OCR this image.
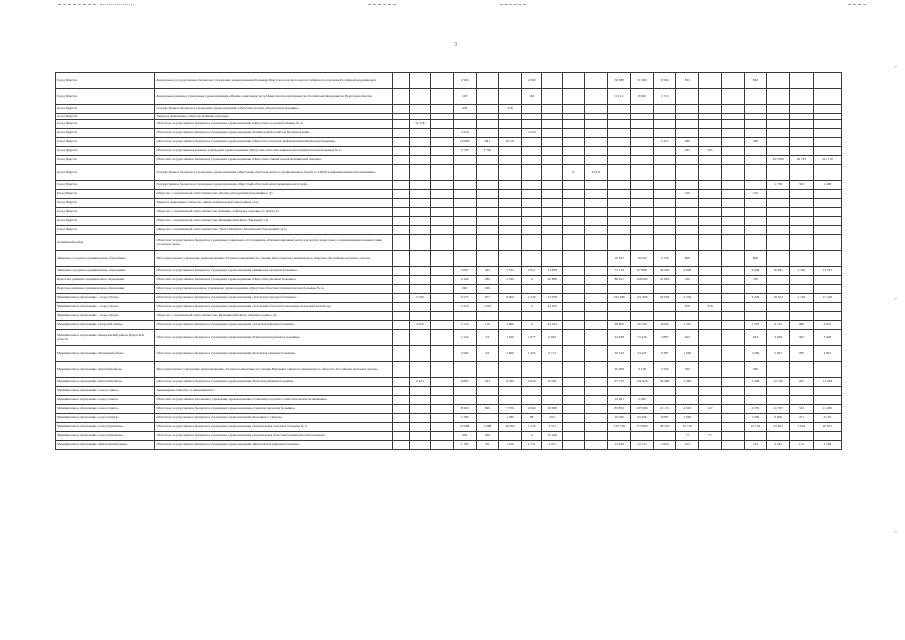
3
-
-
-
Город Иркутск	Федеральное государственное бюджетное учреждение здравоохранения Больница Иркутского научного центра Сибирского отделения Российской академии наук				2 509			2 509				56 388	51 082	9 566	853			863			
Город Иркутск	Федеральное казенное учреждение здравоохранения «Медико-санитарная часть Министерства внутренних дел Российской Федерации по Иркутской области»				193			193				6 121	8 909	1 710							
Город Иркутск	Государственное бюджетное учреждение здравоохранения «Областная детская туберкулезная больница»				478		478														
Город Иркутск	Закрытое акционерное общество Клиника «Альтаир»																				
Город Иркутск	Областное государственное бюджетное учреждение здравоохранения «Иркутская городская больница № 3»		31 518																		
Город Иркутск	Областное государственное бюджетное учреждение здравоохранения «Клинический госпиталь Ветеранов войн»				3 216			3 216													
Город Иркутск	Областное государственное бюджетное учреждение здравоохранения «Иркутская областная инфекционная клиническая больница»				19 082	961	18 121							5 471	280			280			
Город Иркутск	Областное государственное казенное учреждение здравоохранения «Иркутская областная клиническая психиатрическая больница № 1»				3 730	3 730									395	395					
Город Иркутск	Областное государственное бюджетное учреждение здравоохранения «Иркутская станция скорой медицинской помощи»																		227 899	26 723	211 176
Город Иркутск	Государственное бюджетное учреждение здравоохранения «Иркутский областной центр по профилактике и борьбе со СПИД и инфекционными заболеваниями»									0	43 011										
Город Иркутск	Государственное бюджетное учреждение здравоохранения «Иркутский областной центр медицины катастроф»																		1 758	350	1 408
Город Иркутск	Общество с ограниченной ответственностью «Центр репродуктивной медицины» (3)														150			150			
Город Иркутск	Закрытое акционерное общество «Центр компьютерной томографии» (4,5)																				
Город Иркутск	Общество с ограниченной ответственностью Клиника «Сибирское здоровье» (г. Иркутск)																				
Город Иркутск	Общество с ограниченной ответственностью Медицинский Центр "Биоминер" (2)																				
Город Иркутск	Общество с ограниченной ответственностью "Центр Магнитно-Резонансной Томографии" (4,5)																				
Заларинский район	Областное государственное бюджетное учреждение социального обслуживания «Реабилитационный центр для детей и подростков с ограниченными возможностями «Сосновая горка»																				
Зиминское городское муниципальное образование	Негосударственное учреждение здравоохранения «Узловая поликлиника на станции Зима открытого акционерного общества «Российские железные дороги»											16 837	10 032	2 736	600			600			
Зиминское городское муниципальное образование	Областное государственное бюджетное учреждение здравоохранения «Зиминская городская больница»				5 697	365	5 332	2 917	13 839			73 134	87 986	30 263	2 948			2 948	16 481	2 740	13 701
Иркутское районное муниципальное образование	Областное государственное бюджетное учреждение здравоохранения «Иркутская районная больница»				2 440	280	2 180	0	20 869			88 611	108 060	25 802	700			700			
Иркутское районное муниципальное образование	Областное государственное казенное учреждение здравоохранения «Иркутская областная психиатрическая больница № 2»				300	300															
Муниципальное образование - «город Тулун»	Областное государственное бюджетное учреждение здравоохранения «Тулунская городская больница»		5 790		9 577	977	8 600	2 729	12 978			234 288	121 890	54 093	3 229			3 229	19 522	2 104	17 418
Муниципальное образование - «город Тулун»	Областное государственное бюджетное учреждение здравоохранения «Тулунский областной психоневрологический диспансер»				1 916	1 916		0	24 202						479	479					
Муниципальное образование - «город Тулун»	Общество с ограниченной ответственностью Медицинский Центр «Медика-Сервис» (2)																				
Муниципальное образование «Аларский район»	Областное государственное бюджетное учреждение здравоохранения «Аларская районная больница»		3 506		2 710	110	2 600	0	24 102			28 850	56 726	6 634	1 597			1 597	6 315	280	6 035
Муниципальное образование «Баяндаевский район» Иркутской области	Областное государственное бюджетное учреждение здравоохранения «Баяндаевская районная больница»				1 224	24	1 200	1 977	6 062			22 938	73 220	4 887	643			643	3 928	300	3 628
Муниципальное образование «Боханский район»	Областное государственное бюджетное учреждение здравоохранения «Боханская районная больница»				2 664	64	2 600	1 505	9 712			30 516	34 425	9 387	1 000			1 000	5 607	780	4 827
Муниципальное образование «Братский район»	Негосударственное учреждение здравоохранения «Узловая поликлиника на станции Вихоревка открытого акционерного общества «Российские железные дороги»											20 008	9 318	2 340	360			360			
Муниципальное образование «Братский район»	Областное государственное бюджетное учреждение здравоохранения «Братская районная больница»		2 423		6 863	163	6 500	4 819	9 336			97 770	134 928	20 499	3 496			3 496	12 729	435	12 294
Муниципальное образование «город Саянск»	Акционерное общество «Саянскхимпласт»																				
Муниципальное образование «город Саянск»	Областное государственное автономное учреждение здравоохранения «Саянская городская стоматологическая поликлиника»											19 961	2 300								
Муниципальное образование «город Саянск»	Областное государственное бюджетное учреждение здравоохранения «Саянская городская больница»				8 500	820	7 730	2 649	26 098			85 853	107 696	21 171	4 503	127		4 376	11 797	332	11 465
Муниципальное образование «город Свирск»	Областное государственное бюджетное учреждение здравоохранения «Больница г. Свирска»				1 280		1 280	88	952			19 390	43 409	6 087	1 000			1 000	6 606	471	6 135
Муниципальное образование «город Черемхово»	Областное государственное бюджетное учреждение здравоохранения «Черемховская городская больница № 1»				37 088	1 088	36 000	1 210	4 317			170 736	175 800	39 525	10 719			10 719	23 821	3 004	20 817
Муниципальное образование «город Черемхово»	Областное государственное бюджетное учреждение здравоохранения «Черемховская областная психиатрическая больница»				956	956		0	15 240						77	77					
Муниципальное образование «Жигаловский район»	Областное государственное бюджетное учреждение здравоохранения «Жигаловская районная больница»				1 185	85	1 100	1 751	4 357			13 039	14 173	3 920	513			513	3 281	113	3 168
